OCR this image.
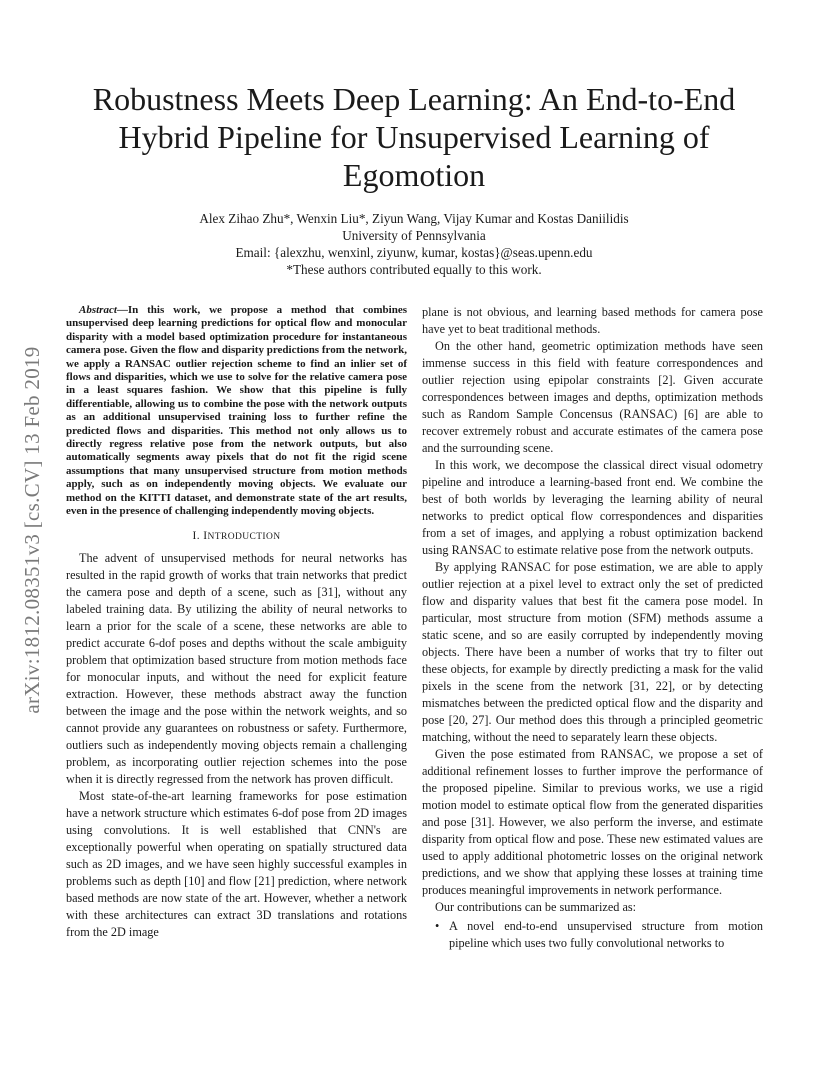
arXiv:1812.08351v3 [cs.CV] 13 Feb 2019
Robustness Meets Deep Learning: An End-to-End Hybrid Pipeline for Unsupervised Learning of Egomotion
Alex Zihao Zhu*, Wenxin Liu*, Ziyun Wang, Vijay Kumar and Kostas Daniilidis
University of Pennsylvania
Email: {alexzhu, wenxinl, ziyunw, kumar, kostas}@seas.upenn.edu
*These authors contributed equally to this work.

Abstract—In this work, we propose a method that combines unsupervised deep learning predictions for optical flow and monocular disparity with a model based optimization procedure for instantaneous camera pose. Given the flow and disparity predictions from the network, we apply a RANSAC outlier rejection scheme to find an inlier set of flows and disparities, which we use to solve for the relative camera pose in a least squares fashion. We show that this pipeline is fully differentiable, allowing us to combine the pose with the network outputs as an additional unsupervised training loss to further refine the predicted flows and disparities. This method not only allows us to directly regress relative pose from the network outputs, but also automatically segments away pixels that do not fit the rigid scene assumptions that many unsupervised structure from motion methods apply, such as on independently moving objects. We evaluate our method on the KITTI dataset, and demonstrate state of the art results, even in the presence of challenging independently moving objects.

I. INTRODUCTION

The advent of unsupervised methods for neural networks has resulted in the rapid growth of works that train networks that predict the camera pose and depth of a scene, such as [31], without any labeled training data. By utilizing the ability of neural networks to learn a prior for the scale of a scene, these networks are able to predict accurate 6-dof poses and depths without the scale ambiguity problem that optimization based structure from motion methods face for monocular inputs, and without the need for explicit feature extraction. However, these methods abstract away the function between the image and the pose within the network weights, and so cannot provide any guarantees on robustness or safety. Furthermore, outliers such as independently moving objects remain a challenging problem, as incorporating outlier rejection schemes into the pose when it is directly regressed from the network has proven difficult.

Most state-of-the-art learning frameworks for pose estimation have a network structure which estimates 6-dof pose from 2D images using convolutions. It is well established that CNN's are exceptionally powerful when operating on spatially structured data such as 2D images, and we have seen highly successful examples in problems such as depth [10] and flow [21] prediction, where network based methods are now state of the art. However, whether a network with these architectures can extract 3D translations and rotations from the 2D image

plane is not obvious, and learning based methods for camera pose have yet to beat traditional methods.

On the other hand, geometric optimization methods have seen immense success in this field with feature correspondences and outlier rejection using epipolar constraints [2]. Given accurate correspondences between images and depths, optimization methods such as Random Sample Concensus (RANSAC) [6] are able to recover extremely robust and accurate estimates of the camera pose and the surrounding scene.

In this work, we decompose the classical direct visual odometry pipeline and introduce a learning-based front end. We combine the best of both worlds by leveraging the learning ability of neural networks to predict optical flow correspondences and disparities from a set of images, and applying a robust optimization backend using RANSAC to estimate relative pose from the network outputs.

By applying RANSAC for pose estimation, we are able to apply outlier rejection at a pixel level to extract only the set of predicted flow and disparity values that best fit the camera pose model. In particular, most structure from motion (SFM) methods assume a static scene, and so are easily corrupted by independently moving objects. There have been a number of works that try to filter out these objects, for example by directly predicting a mask for the valid pixels in the scene from the network [31, 22], or by detecting mismatches between the predicted optical flow and the disparity and pose [20, 27]. Our method does this through a principled geometric matching, without the need to separately learn these objects.

Given the pose estimated from RANSAC, we propose a set of additional refinement losses to further improve the performance of the proposed pipeline. Similar to previous works, we use a rigid motion model to estimate optical flow from the generated disparities and pose [31]. However, we also perform the inverse, and estimate disparity from optical flow and pose. These new estimated values are used to apply additional photometric losses on the original network predictions, and we show that applying these losses at training time produces meaningful improvements in network performance.

Our contributions can be summarized as:

• A novel end-to-end unsupervised structure from motion pipeline which uses two fully convolutional networks to
